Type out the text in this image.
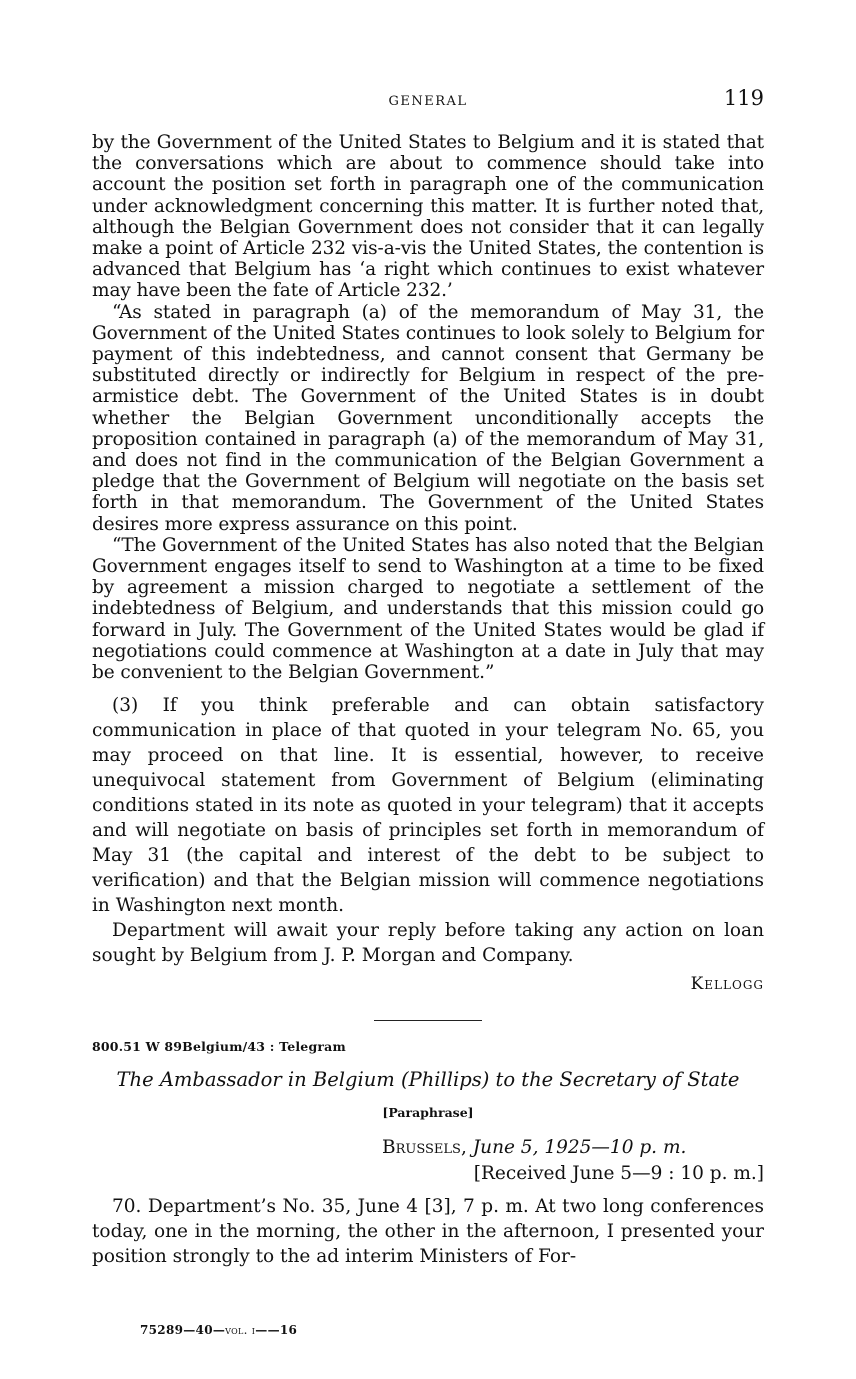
GENERAL	119

by the Government of the United States to Belgium and it is stated that the conversations which are about to commence should take into account the position set forth in paragraph one of the communication under acknowledgment concerning this matter. It is further noted that, although the Belgian Government does not consider that it can legally make a point of Article 232 vis-a-vis the United States, the contention is advanced that Belgium has ‘a right which continues to exist whatever may have been the fate of Article 232.’

“As stated in paragraph (a) of the memorandum of May 31, the Government of the United States continues to look solely to Belgium for payment of this indebtedness, and cannot consent that Germany be substituted directly or indirectly for Belgium in respect of the pre-armistice debt. The Government of the United States is in doubt whether the Belgian Government unconditionally accepts the proposition contained in paragraph (a) of the memorandum of May 31, and does not find in the communication of the Belgian Government a pledge that the Government of Belgium will negotiate on the basis set forth in that memorandum. The Government of the United States desires more express assurance on this point.

“The Government of the United States has also noted that the Belgian Government engages itself to send to Washington at a time to be fixed by agreement a mission charged to negotiate a settlement of the indebtedness of Belgium, and understands that this mission could go forward in July. The Government of the United States would be glad if negotiations could commence at Washington at a date in July that may be convenient to the Belgian Government.”

(3) If you think preferable and can obtain satisfactory communication in place of that quoted in your telegram No. 65, you may proceed on that line. It is essential, however, to receive unequivocal statement from Government of Belgium (eliminating conditions stated in its note as quoted in your telegram) that it accepts and will negotiate on basis of principles set forth in memorandum of May 31 (the capital and interest of the debt to be subject to verification) and that the Belgian mission will commence negotiations in Washington next month.

Department will await your reply before taking any action on loan sought by Belgium from J. P. Morgan and Company.

Kellogg
800.51 W 89Belgium/43 : Telegram
The Ambassador in Belgium (Phillips) to the Secretary of State
[Paraphrase]
Brussels, June 5, 1925—10 p. m.
[Received June 5—9 : 10 p. m.]

70. Department’s No. 35, June 4 [3], 7 p. m. At two long conferences today, one in the morning, the other in the afternoon, I presented your position strongly to the ad interim Ministers of For-

75289—40—vol. i——16
